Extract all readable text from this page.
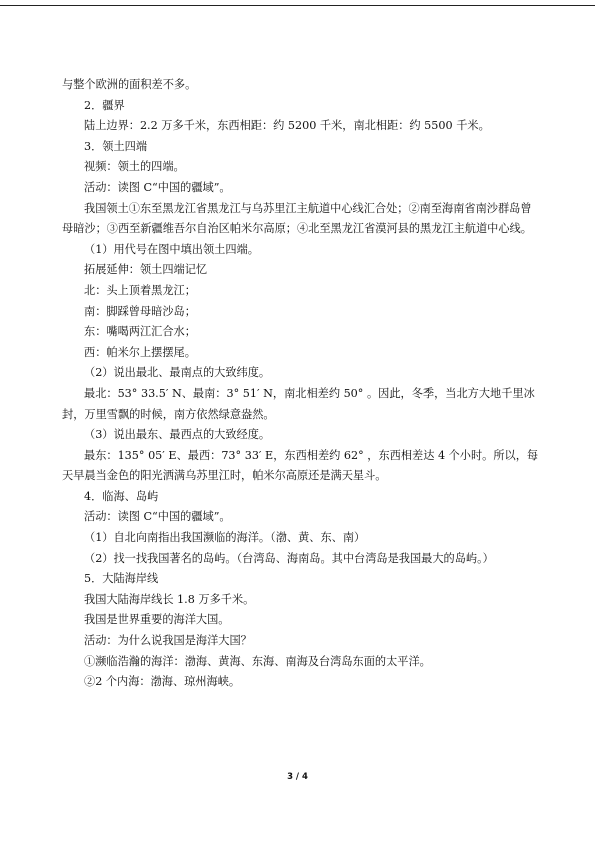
与整个欧洲的面积差不多。

2．疆界

陆上边界：2.2 万多千米，东西相距：约 5200 千米，南北相距：约 5500 千米。

3．领土四端

视频：领土的四端。

活动：读图 C“中国的疆域”。

我国领土①东至黑龙江省黑龙江与乌苏里江主航道中心线汇合处；②南至海南省南沙群岛曾母暗沙；③西至新疆维吾尔自治区帕米尔高原；④北至黑龙江省漠河县的黑龙江主航道中心线。

（1）用代号在图中填出领土四端。

拓展延伸：领土四端记忆

北：头上顶着黑龙江；

南：脚踩曾母暗沙岛；

东：嘴喝两江汇合水；

西：帕米尔上摆摆尾。

（2）说出最北、最南点的大致纬度。

最北：53° 33.5′ N、最南：3° 51′ N，南北相差约 50° 。因此，冬季，当北方大地千里冰封，万里雪飘的时候，南方依然绿意盎然。

（3）说出最东、最西点的大致经度。

最东：135° 05′ E、最西：73° 33′ E，东西相差约 62° ，东西相差达 4 个小时。所以，每天早晨当金色的阳光洒满乌苏里江时，帕米尔高原还是满天星斗。

4．临海、岛屿

活动：读图 C“中国的疆域”。

（1）自北向南指出我国濒临的海洋。（渤、黄、东、南）

（2）找一找我国著名的岛屿。（台湾岛、海南岛。其中台湾岛是我国最大的岛屿。）

5．大陆海岸线

我国大陆海岸线长 1.8 万多千米。

我国是世界重要的海洋大国。

活动：为什么说我国是海洋大国？

①濒临浩瀚的海洋：渤海、黄海、东海、南海及台湾岛东面的太平洋。

②2 个内海：渤海、琼州海峡。

3 / 4
